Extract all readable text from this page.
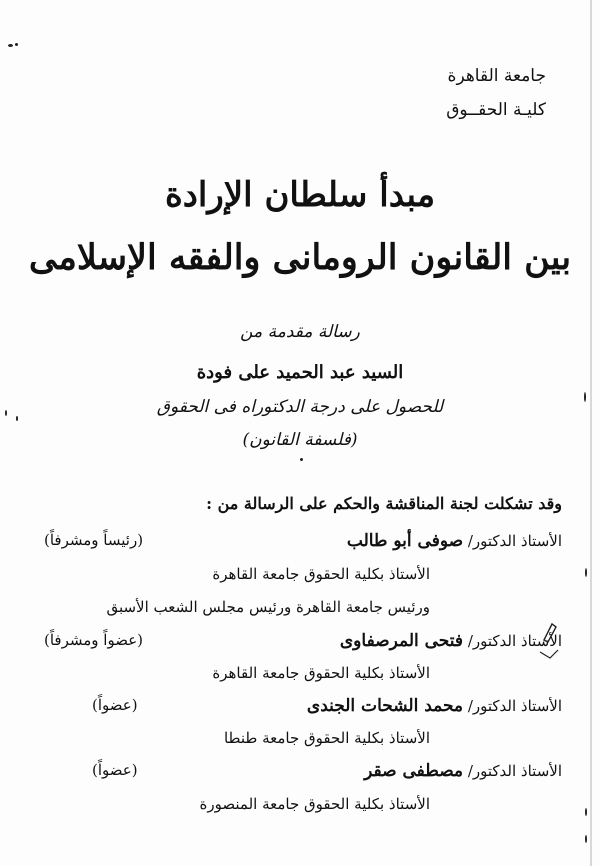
جامعة القاهرة
كليـة الحقــوق
مبدأ سلطان الإرادة
بين القانون الرومانى والفقه الإسلامى
رسالة مقدمة من
السيد عبد الحميد على فودة
للحصول على درجة الدكتوراه فى الحقوق
(فلسفة القانون)
وقد تشكلت لجنة المناقشة والحكم على الرسالة من :
الأستاذ الدكتور/ صوفى أبو طالب
(رئيساً ومشرفاً)
الأستاذ بكلية الحقوق جامعة القاهرة
ورئيس جامعة القاهرة ورئيس مجلس الشعب الأسبق
الأستاذ الدكتور/ فتحى المرصفاوى
(عضواً ومشرفاً)
الأستاذ بكلية الحقوق جامعة القاهرة
الأستاذ الدكتور/ محمد الشحات الجندى
(عضواً)
الأستاذ بكلية الحقوق جامعة طنطا
الأستاذ الدكتور/ مصطفى صقر
(عضواً)
الأستاذ بكلية الحقوق جامعة المنصورة
